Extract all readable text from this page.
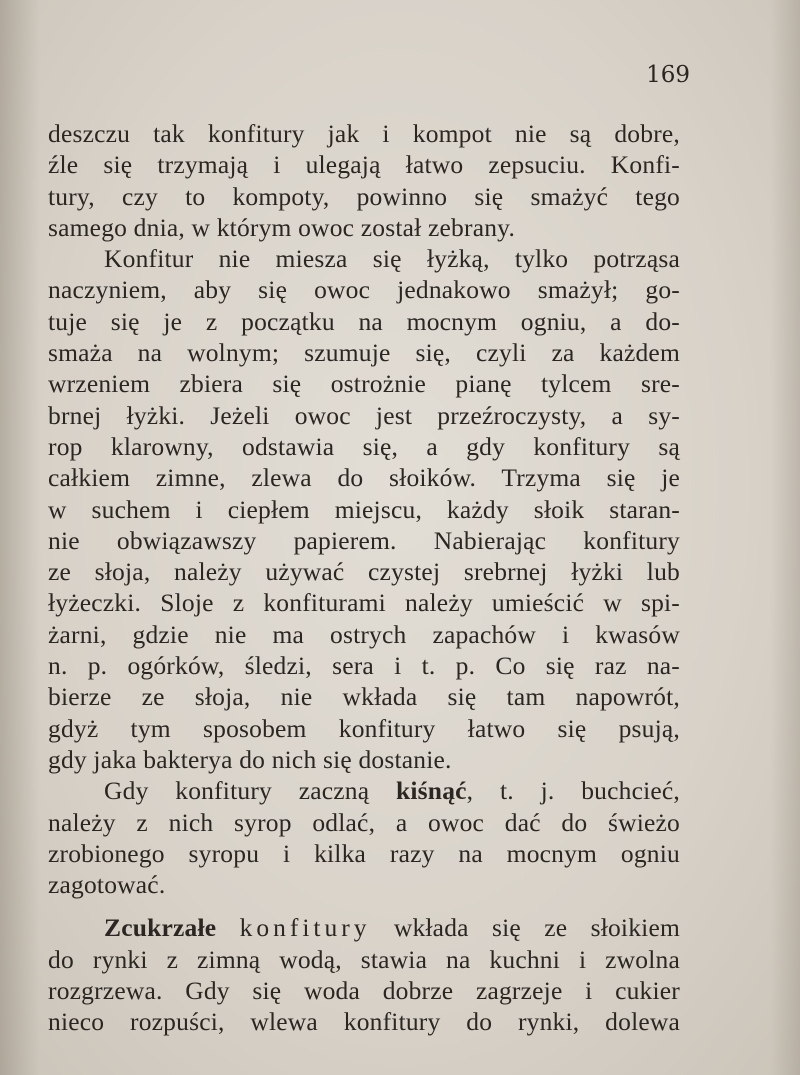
169
deszczu tak konfitury jak i kompot nie są dobre,
źle się trzymają i ulegają łatwo zepsuciu. Konfi-
tury, czy to kompoty, powinno się smażyć tego
samego dnia, w którym owoc został zebrany.
Konfitur nie miesza się łyżką, tylko potrząsa
naczyniem, aby się owoc jednakowo smażył; go-
tuje się je z początku na mocnym ogniu, a do-
smaża na wolnym; szumuje się, czyli za każdem
wrzeniem zbiera się ostrożnie pianę tylcem sre-
brnej łyżki. Jeżeli owoc jest przeźroczysty, a sy-
rop klarowny, odstawia się, a gdy konfitury są
całkiem zimne, zlewa do słoików. Trzyma się je
w suchem i ciepłem miejscu, każdy słoik staran-
nie obwiązawszy papierem. Nabierając konfitury
ze słoja, należy używać czystej srebrnej łyżki lub
łyżeczki. Sloje z konfiturami należy umieścić w spi-
żarni, gdzie nie ma ostrych zapachów i kwasów
n. p. ogórków, śledzi, sera i t. p. Co się raz na-
bierze ze słoja, nie wkłada się tam napowrót,
gdyż tym sposobem konfitury łatwo się psują,
gdy jaka bakterya do nich się dostanie.
Gdy konfitury zaczną kiśnąć, t. j. buchcieć,
należy z nich syrop odlać, a owoc dać do świeżo
zrobionego syropu i kilka razy na mocnym ogniu
zagotować.
Zcukrzałe konfitury wkłada się ze słoikiem
do rynki z zimną wodą, stawia na kuchni i zwolna
rozgrzewa. Gdy się woda dobrze zagrzeje i cukier
nieco rozpuści, wlewa konfitury do rynki, dolewa
